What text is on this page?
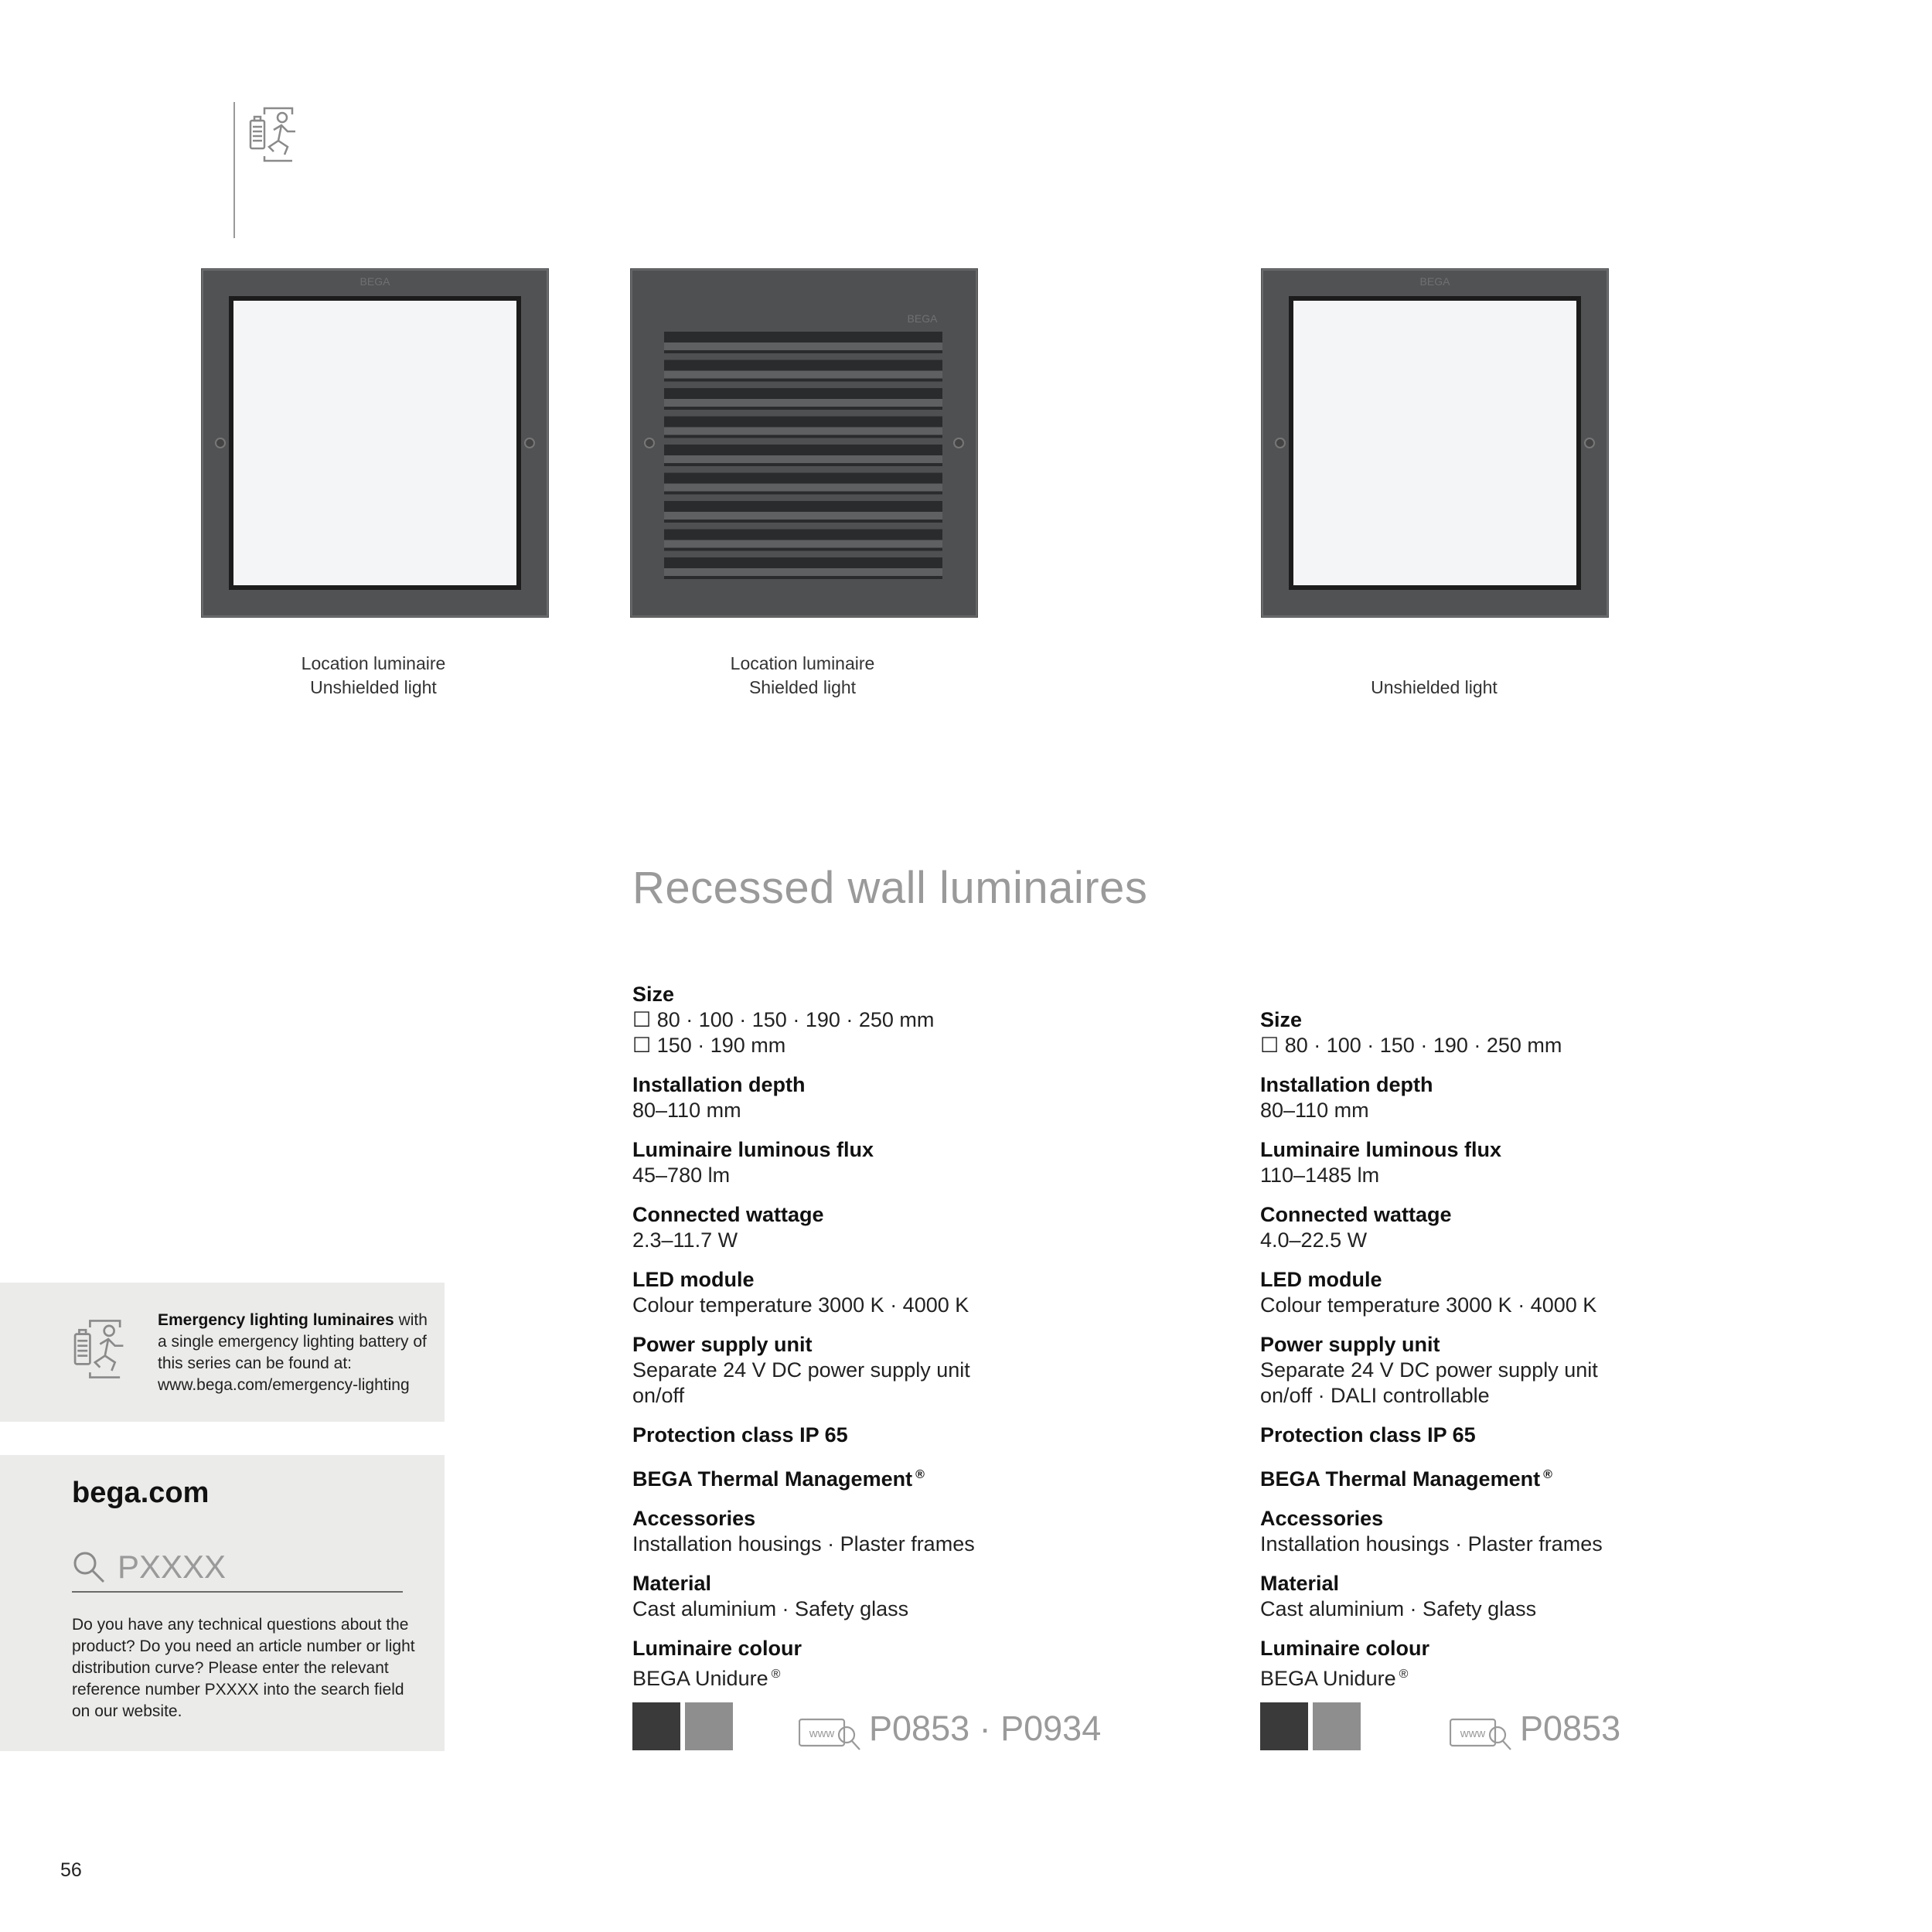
BEGA
BEGA
BEGA
Location luminaire
Unshielded light
Location luminaire
Shielded light	Unshielded light
Recessed wall luminaires
Size
☐ 80 · 100 · 150 · 190 · 250 mm
☐ 150 · 190 mm
Installation depth
80–110 mm
Luminaire luminous flux
45–780 lm
Connected wattage
2.3–11.7 W
LED module
Colour temperature 3000 K · 4000 K
Power supply unit
Separate 24 V DC power supply unit
on/off
Protection class IP 65
BEGA Thermal Management ®
Accessories
Installation housings · Plaster frames
Material
Cast aluminium · Safety glass
Luminaire colour
BEGA Unidure ®
www P0853 · P0934
Size
☐ 80 · 100 · 150 · 190 · 250 mm
Installation depth
80–110 mm
Luminaire luminous flux
110–1485 lm
Connected wattage
4.0–22.5 W
LED module
Colour temperature 3000 K · 4000 K
Power supply unit
Separate 24 V DC power supply unit
on/off · DALI controllable
Protection class IP 65
BEGA Thermal Management ®
Accessories
Installation housings · Plaster frames
Material
Cast aluminium · Safety glass
Luminaire colour
BEGA Unidure ®
www P0853
Emergency lighting luminaires with a single emergency lighting battery of this series can be found at: www.bega.com/emergency-lighting
bega.com
PXXXX
Do you have any technical questions about the product? Do you need an article number or light distribution curve? Please enter the relevant reference number PXXXX into the search field on our website.
56
